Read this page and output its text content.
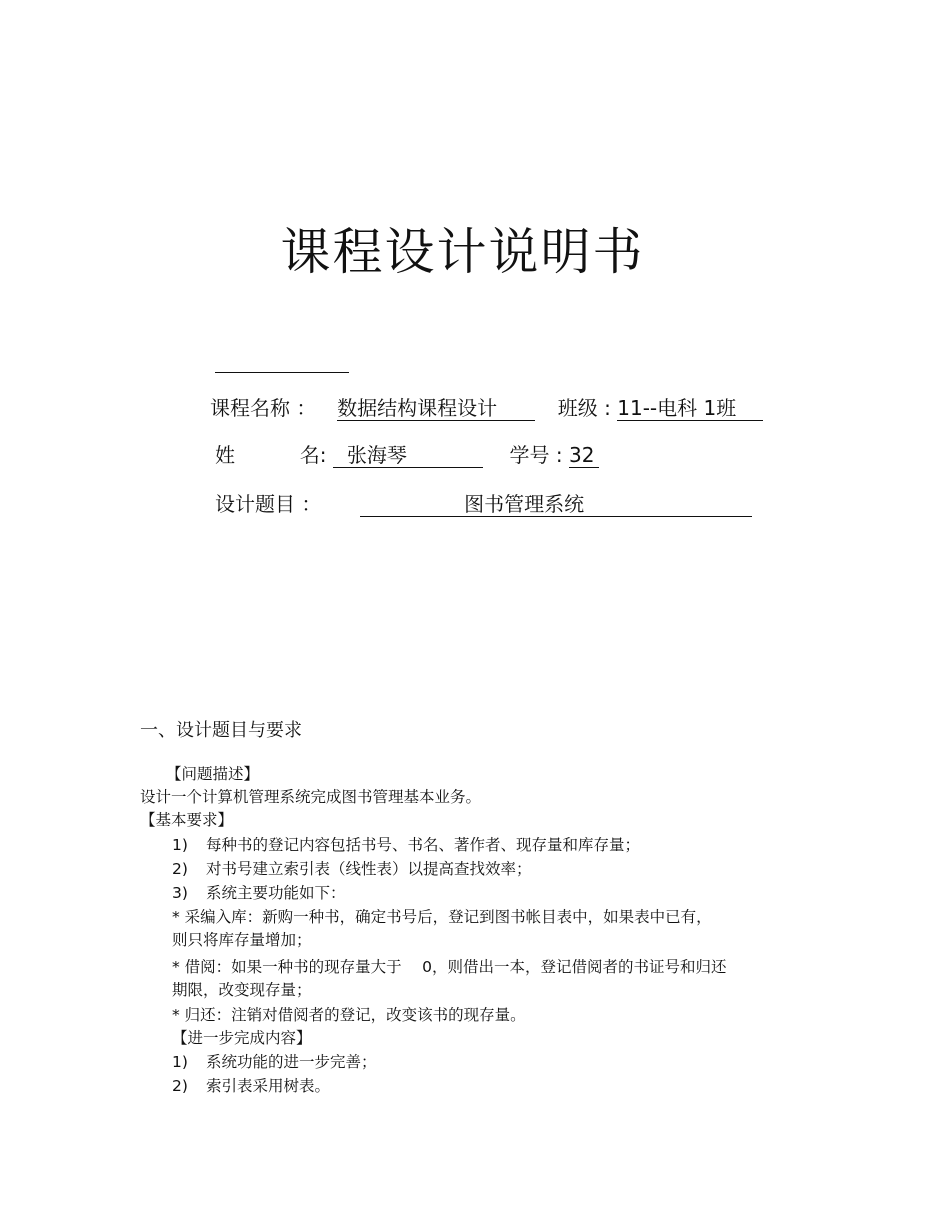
课程设计说明书
课程名称 ： 数据结构课程设计	班级 : 11--电科 1班
姓	名: 张海琴	学号 : 32
设计题目 ：	图书管理系统
一、设计题目与要求
【问题描述】
设计一个计算机管理系统完成图书管理基本业务。
【基本要求】
1) 每种书的登记内容包括书号、书名、著作者、现存量和库存量；
2) 对书号建立索引表（线性表）以提高查找效率；
3) 系统主要功能如下：
* 采编入库：新购一种书，确定书号后，登记到图书帐目表中，如果表中已有，
则只将库存量增加；
* 借阅：如果一种书的现存量大于　 0，则借出一本，登记借阅者的书证号和归还
期限，改变现存量；
* 归还：注销对借阅者的登记，改变该书的现存量。
【进一步完成内容】
1) 系统功能的进一步完善；
2) 索引表采用树表。
